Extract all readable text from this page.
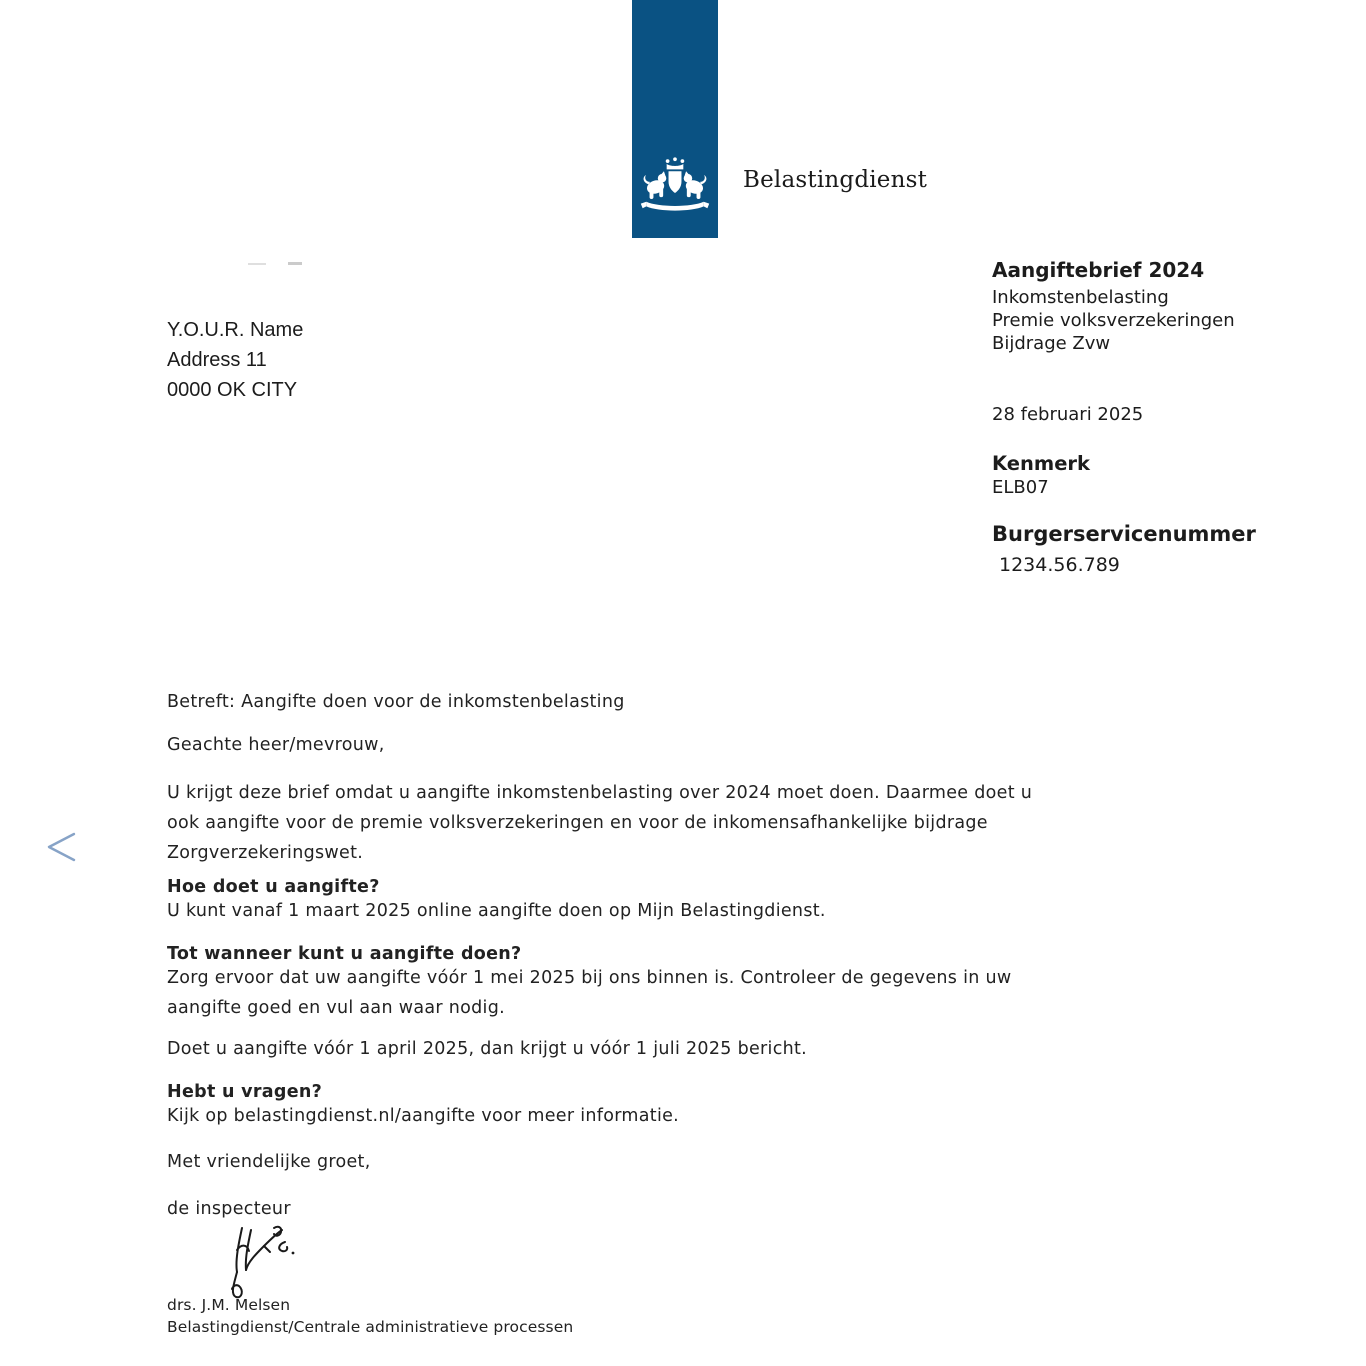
Belastingdienst
Y.O.U.R. Name
Address 11
0000 OK CITY
Aangiftebrief 2024
Inkomstenbelasting
Premie volksverzekeringen
Bijdrage Zvw
28 februari 2025
Kenmerk
ELB07
Burgerservicenummer
1234.56.789
Betreft: Aangifte doen voor de inkomstenbelasting
Geachte heer/mevrouw,
U krijgt deze brief omdat u aangifte inkomstenbelasting over 2024 moet doen. Daarmee doet u
ook aangifte voor de premie volksverzekeringen en voor de inkomensafhankelijke bijdrage
Zorgverzekeringswet.
Hoe doet u aangifte?
U kunt vanaf 1 maart 2025 online aangifte doen op Mijn Belastingdienst.
Tot wanneer kunt u aangifte doen?
Zorg ervoor dat uw aangifte vóór 1 mei 2025 bij ons binnen is. Controleer de gegevens in uw
aangifte goed en vul aan waar nodig.
Doet u aangifte vóór 1 april 2025, dan krijgt u vóór 1 juli 2025 bericht.
Hebt u vragen?
Kijk op belastingdienst.nl/aangifte voor meer informatie.
Met vriendelijke groet,
de inspecteur
drs. J.M. Melsen
Belastingdienst/Centrale administratieve processen
